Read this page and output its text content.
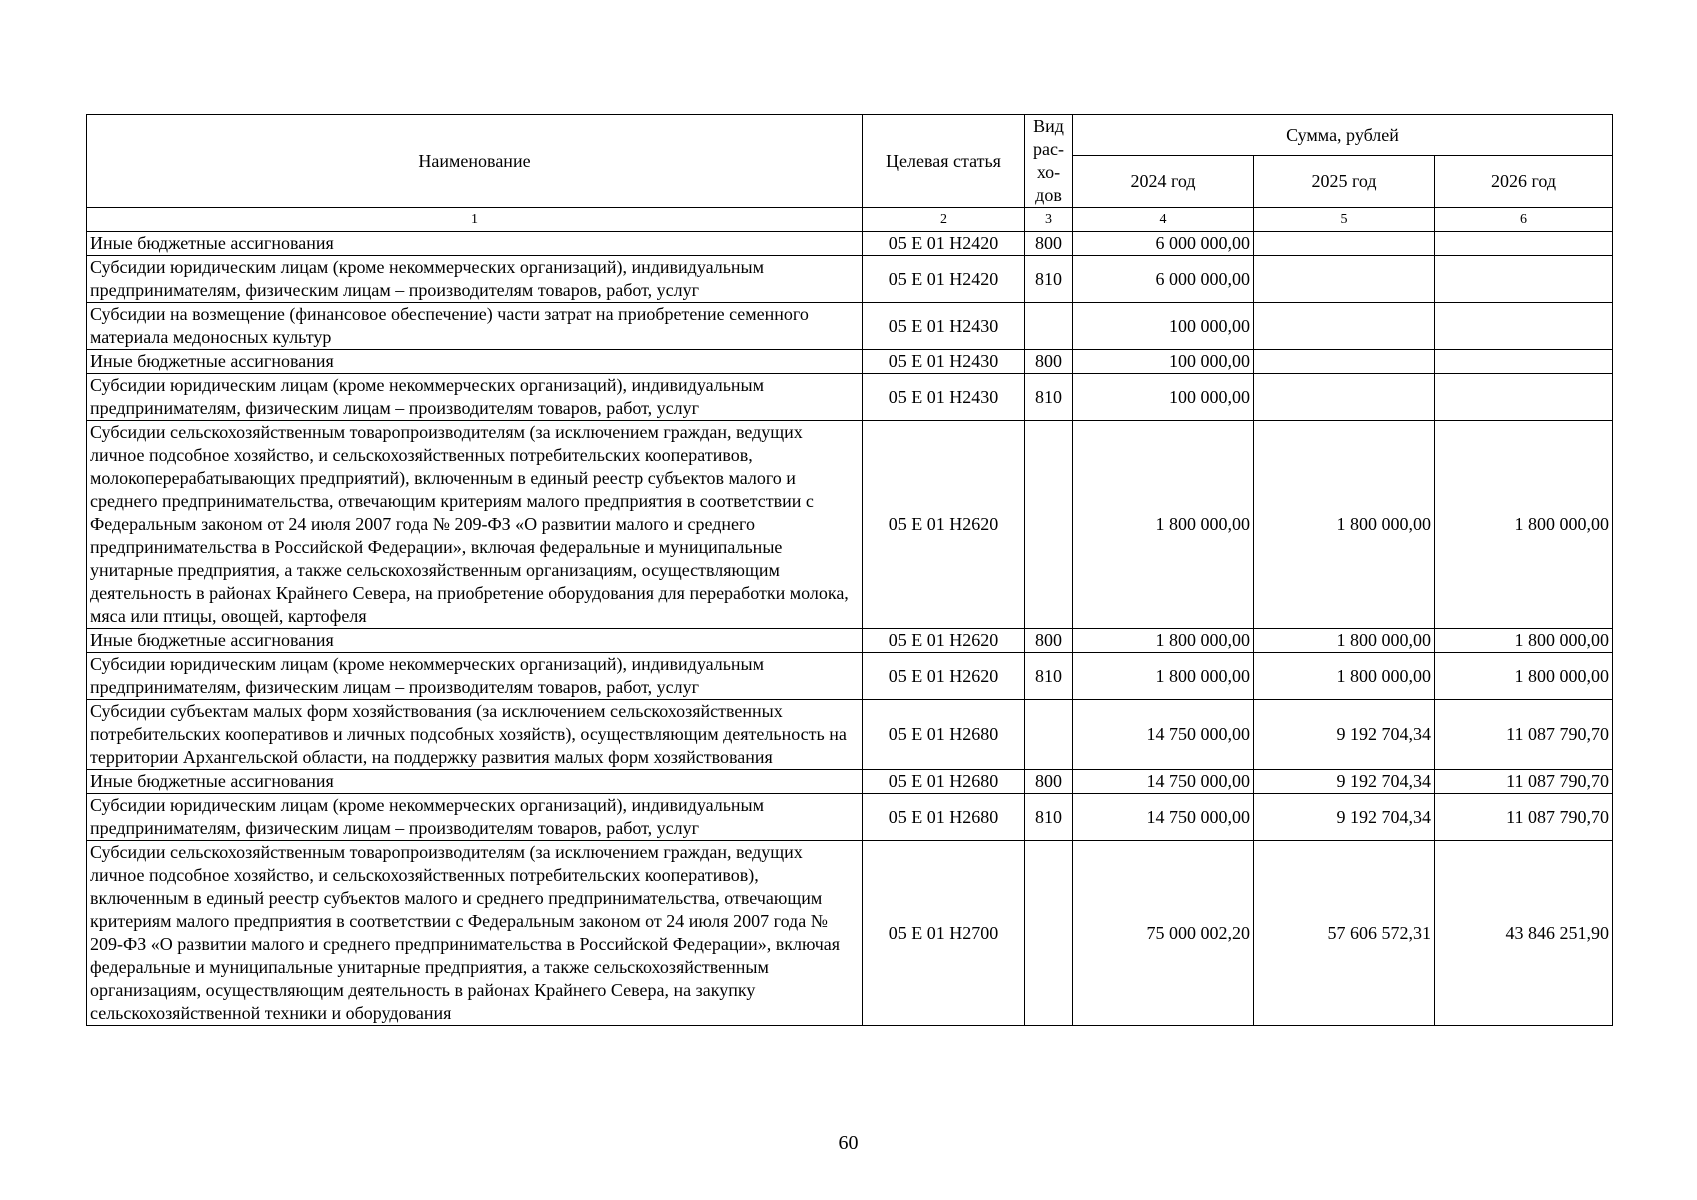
Наименование	Целевая статья	Вид рас-хо-дов	Сумма, рублей		
			2024 год	2025 год	2026 год
1	2	3	4	5	6
Иные бюджетные ассигнования	05 Е 01 Н2420	800	6 000 000,00		
Субсидии юридическим лицам (кроме некоммерческих организаций), индивидуальным предпринимателям, физическим лицам – производителям товаров, работ, услуг	05 Е 01 Н2420	810	6 000 000,00		
Субсидии на возмещение (финансовое обеспечение) части затрат на приобретение семенного материала медоносных культур	05 Е 01 Н2430		100 000,00		
Иные бюджетные ассигнования	05 Е 01 Н2430	800	100 000,00		
Субсидии юридическим лицам (кроме некоммерческих организаций), индивидуальным предпринимателям, физическим лицам – производителям товаров, работ, услуг	05 Е 01 Н2430	810	100 000,00		
Субсидии сельскохозяйственным товаропроизводителям (за исключением граждан, ведущих личное подсобное хозяйство, и сельскохозяйственных потребительских кооперативов, молокоперерабатывающих предприятий), включенным в единый реестр субъектов малого и среднего предпринимательства, отвечающим критериям малого предприятия в соответствии с Федеральным законом от 24 июля 2007 года № 209-ФЗ «О развитии малого и среднего предпринимательства в Российской Федерации», включая федеральные и муниципальные унитарные предприятия, а также сельскохозяйственным организациям, осуществляющим деятельность в районах Крайнего Севера, на приобретение оборудования для переработки молока, мяса или птицы, овощей, картофеля	05 Е 01 Н2620		1 800 000,00	1 800 000,00	1 800 000,00
Иные бюджетные ассигнования	05 Е 01 Н2620	800	1 800 000,00	1 800 000,00	1 800 000,00
Субсидии юридическим лицам (кроме некоммерческих организаций), индивидуальным предпринимателям, физическим лицам – производителям товаров, работ, услуг	05 Е 01 Н2620	810	1 800 000,00	1 800 000,00	1 800 000,00
Субсидии субъектам малых форм хозяйствования (за исключением сельскохозяйственных потребительских кооперативов и личных подсобных хозяйств), осуществляющим деятельность на территории Архангельской области, на поддержку развития малых форм хозяйствования	05 Е 01 Н2680		14 750 000,00	9 192 704,34	11 087 790,70
Иные бюджетные ассигнования	05 Е 01 Н2680	800	14 750 000,00	9 192 704,34	11 087 790,70
Субсидии юридическим лицам (кроме некоммерческих организаций), индивидуальным предпринимателям, физическим лицам – производителям товаров, работ, услуг	05 Е 01 Н2680	810	14 750 000,00	9 192 704,34	11 087 790,70
Субсидии сельскохозяйственным товаропроизводителям (за исключением граждан, ведущих личное подсобное хозяйство, и сельскохозяйственных потребительских кооперативов), включенным в единый реестр субъектов малого и среднего предпринимательства, отвечающим критериям малого предприятия в соответствии с Федеральным законом от 24 июля 2007 года № 209-ФЗ «О развитии малого и среднего предпринимательства в Российской Федерации», включая федеральные и муниципальные унитарные предприятия, а также сельскохозяйственным организациям, осуществляющим деятельность в районах Крайнего Севера, на закупку сельскохозяйственной техники и оборудования	05 Е 01 Н2700		75 000 002,20	57 606 572,31	43 846 251,90
60
